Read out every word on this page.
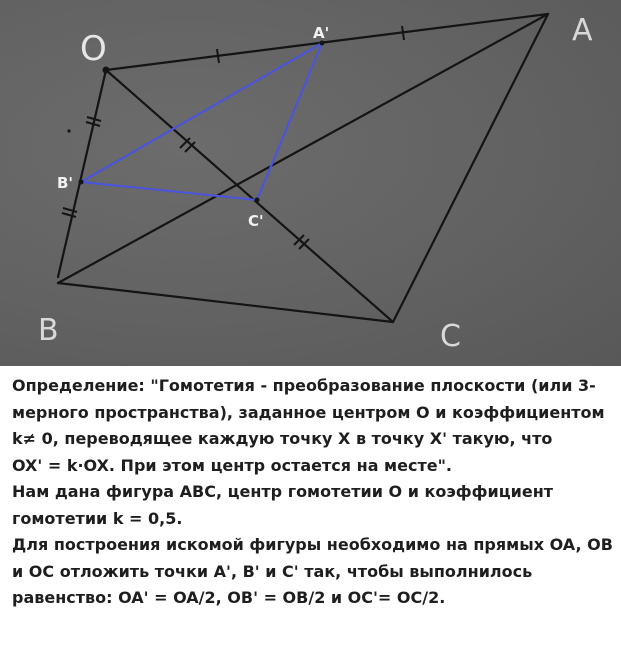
O	A
B	C
A'
B'
C'
Определение: "Гомотетия - преобразование плоскости (или 3-
мерного пространства), заданное центром O и коэффициентом
k≠ 0, переводящее каждую точку X в точку X' такую, что
OX' = k·OX. При этом центр остается на месте".
Нам дана фигура ABC, центр гомотетии O и коэффициент
гомотетии k = 0,5.
Для построения искомой фигуры необходимо на прямых OA, OB
и OC отложить точки A', B' и C' так, чтобы выполнилось
равенство: OA' = OA/2, OB' = OB/2 и OC'= OC/2.
